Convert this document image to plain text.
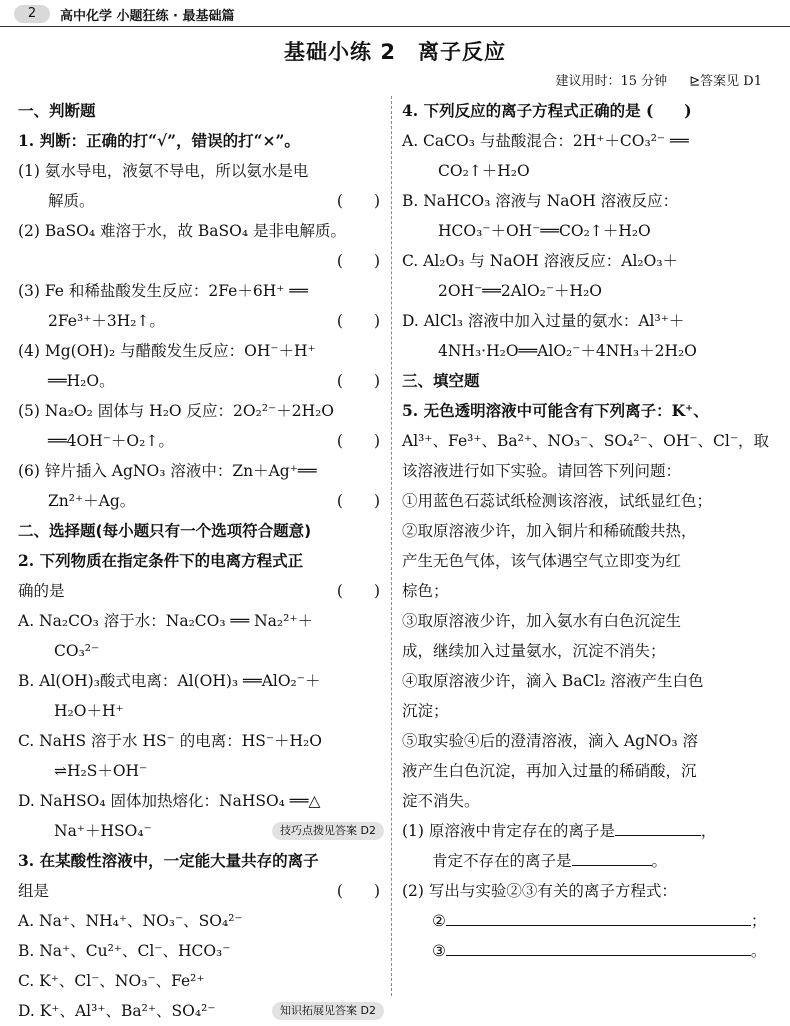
2	高中化学 小题狂练 · 最基础篇
基础小练 2　离子反应
建议用时：15 分钟 ⊵答案见 D1
一、判断题
1. 判断：正确的打“√”，错误的打“×”。
(1) 氨水导电，液氨不导电，所以氨水是电
解质。	(　　)
(2) BaSO₄ 难溶于水，故 BaSO₄ 是非电解质。
(　　)
(3) Fe 和稀盐酸发生反应：2Fe＋6H⁺ ══
2Fe³⁺＋3H₂↑。	(　　)
(4) Mg(OH)₂ 与醋酸发生反应：OH⁻＋H⁺
══H₂O。	(　　)
(5) Na₂O₂ 固体与 H₂O 反应：2O₂²⁻＋2H₂O
══4OH⁻＋O₂↑。	(　　)
(6) 锌片插入 AgNO₃ 溶液中：Zn＋Ag⁺══
Zn²⁺＋Ag。	(　　)
二、选择题(每小题只有一个选项符合题意)
2. 下列物质在指定条件下的电离方程式正
确的是	(　　)
A. Na₂CO₃ 溶于水：Na₂CO₃ ══ Na₂²⁺＋
CO₃²⁻
B. Al(OH)₃酸式电离：Al(OH)₃ ══AlO₂⁻＋
H₂O＋H⁺
C. NaHS 溶于水 HS⁻ 的电离：HS⁻＋H₂O
⇌H₂S＋OH⁻
D. NaHSO₄ 固体加热熔化：NaHSO₄ ══△
Na⁺＋HSO₄⁻	技巧点拨见答案 D2
3. 在某酸性溶液中，一定能大量共存的离子
组是	(　　)
A. Na⁺、NH₄⁺、NO₃⁻、SO₄²⁻
B. Na⁺、Cu²⁺、Cl⁻、HCO₃⁻
C. K⁺、Cl⁻、NO₃⁻、Fe²⁺
D. K⁺、Al³⁺、Ba²⁺、SO₄²⁻	知识拓展见答案 D2
4. 下列反应的离子方程式正确的是 (　　)
A. CaCO₃ 与盐酸混合：2H⁺＋CO₃²⁻ ══
CO₂↑＋H₂O
B. NaHCO₃ 溶液与 NaOH 溶液反应：
HCO₃⁻＋OH⁻══CO₂↑＋H₂O
C. Al₂O₃ 与 NaOH 溶液反应：Al₂O₃＋
2OH⁻══2AlO₂⁻＋H₂O
D. AlCl₃ 溶液中加入过量的氨水：Al³⁺＋
4NH₃·H₂O══AlO₂⁻＋4NH₃＋2H₂O
三、填空题
5. 无色透明溶液中可能含有下列离子：K⁺、
Al³⁺、Fe³⁺、Ba²⁺、NO₃⁻、SO₄²⁻、OH⁻、Cl⁻，取
该溶液进行如下实验。请回答下列问题：
①用蓝色石蕊试纸检测该溶液，试纸显红色；
②取原溶液少许，加入铜片和稀硫酸共热，
产生无色气体，该气体遇空气立即变为红
棕色；
③取原溶液少许，加入氨水有白色沉淀生
成，继续加入过量氨水，沉淀不消失；
④取原溶液少许，滴入 BaCl₂ 溶液产生白色
沉淀；
⑤取实验④后的澄清溶液，滴入 AgNO₃ 溶
液产生白色沉淀，再加入过量的稀硝酸，沉
淀不消失。
(1) 原溶液中肯定存在的离子是	，
肯定不存在的离子是	。
(2) 写出与实验②③有关的离子方程式：
②	；
③	。
